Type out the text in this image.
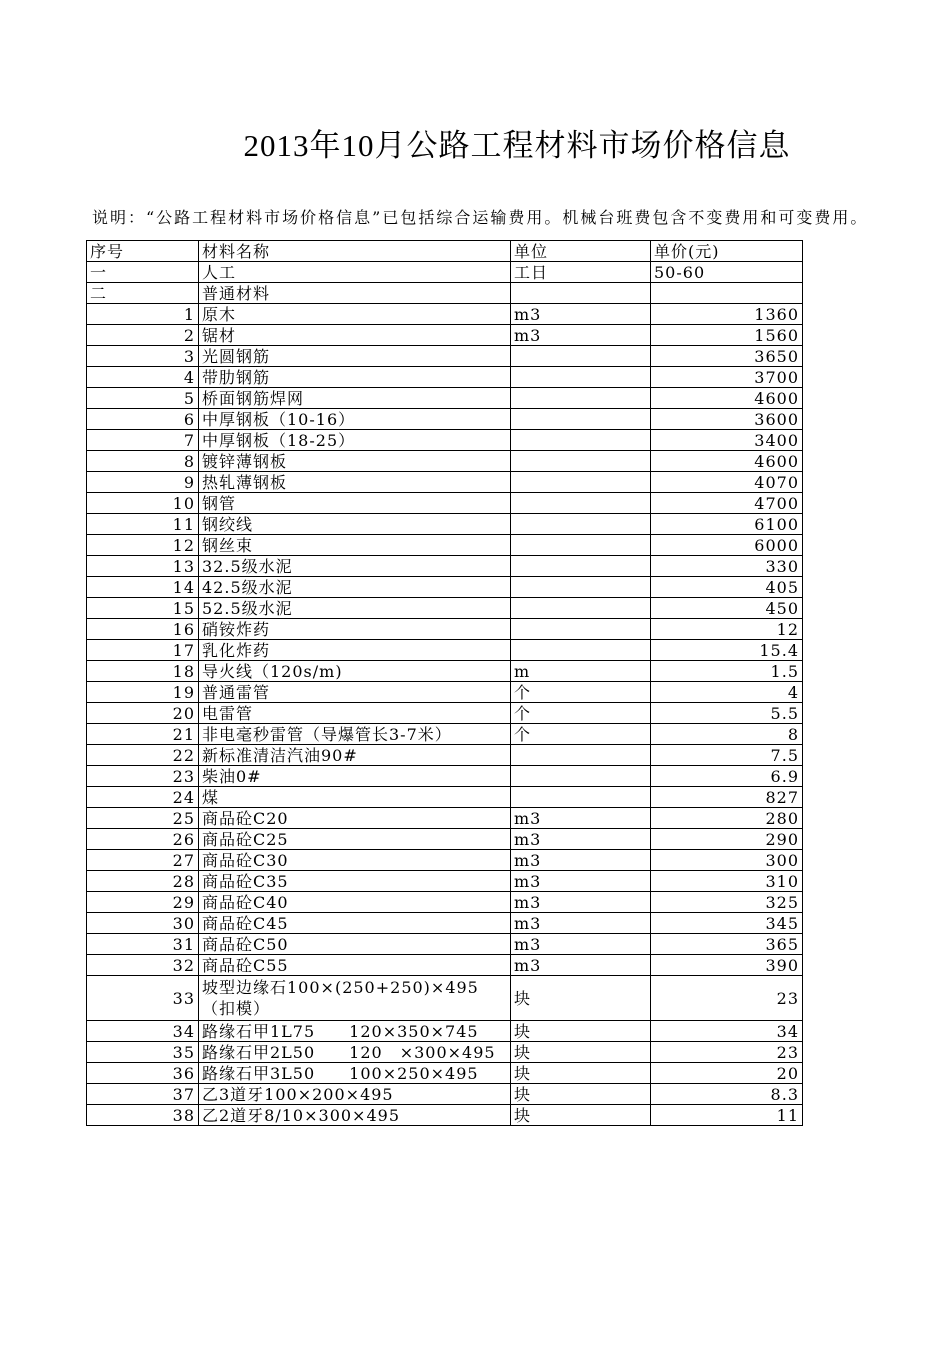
2013年10月公路工程材料市场价格信息
说明：“公路工程材料市场价格信息”已包括综合运输费用。机械台班费包含不变费用和可变费用。
序号	材料名称	单位	单价(元)
一	人工	工日	50-60
二	普通材料		
1	原木	m3	1360
2	锯材	m3	1560
3	光圆钢筋		3650
4	带肋钢筋		3700
5	桥面钢筋焊网		4600
6	中厚钢板（10-16）		3600
7	中厚钢板（18-25）		3400
8	镀锌薄钢板		4600
9	热轧薄钢板		4070
10	钢管		4700
11	钢绞线		6100
12	钢丝束		6000
13	32.5级水泥		330
14	42.5级水泥		405
15	52.5级水泥		450
16	硝铵炸药		12
17	乳化炸药		15.4
18	导火线（120s/m)	m	1.5
19	普通雷管	个	4
20	电雷管	个	5.5
21	非电毫秒雷管（导爆管长3-7米）	个	8
22	新标准清洁汽油90#		7.5
23	柴油0#		6.9
24	煤		827
25	商品砼C20	m3	280
26	商品砼C25	m3	290
27	商品砼C30	m3	300
28	商品砼C35	m3	310
29	商品砼C40	m3	325
30	商品砼C45	m3	345
31	商品砼C50	m3	365
32	商品砼C55	m3	390
33	坡型边缘石100×(250+250)×495（扣模）	块	23
34	路缘石甲1L75　　120×350×745	块	34
35	路缘石甲2L50　　120　×300×495	块	23
36	路缘石甲3L50　　100×250×495	块	20
37	乙3道牙100×200×495	块	8.3
38	乙2道牙8/10×300×495	块	11
